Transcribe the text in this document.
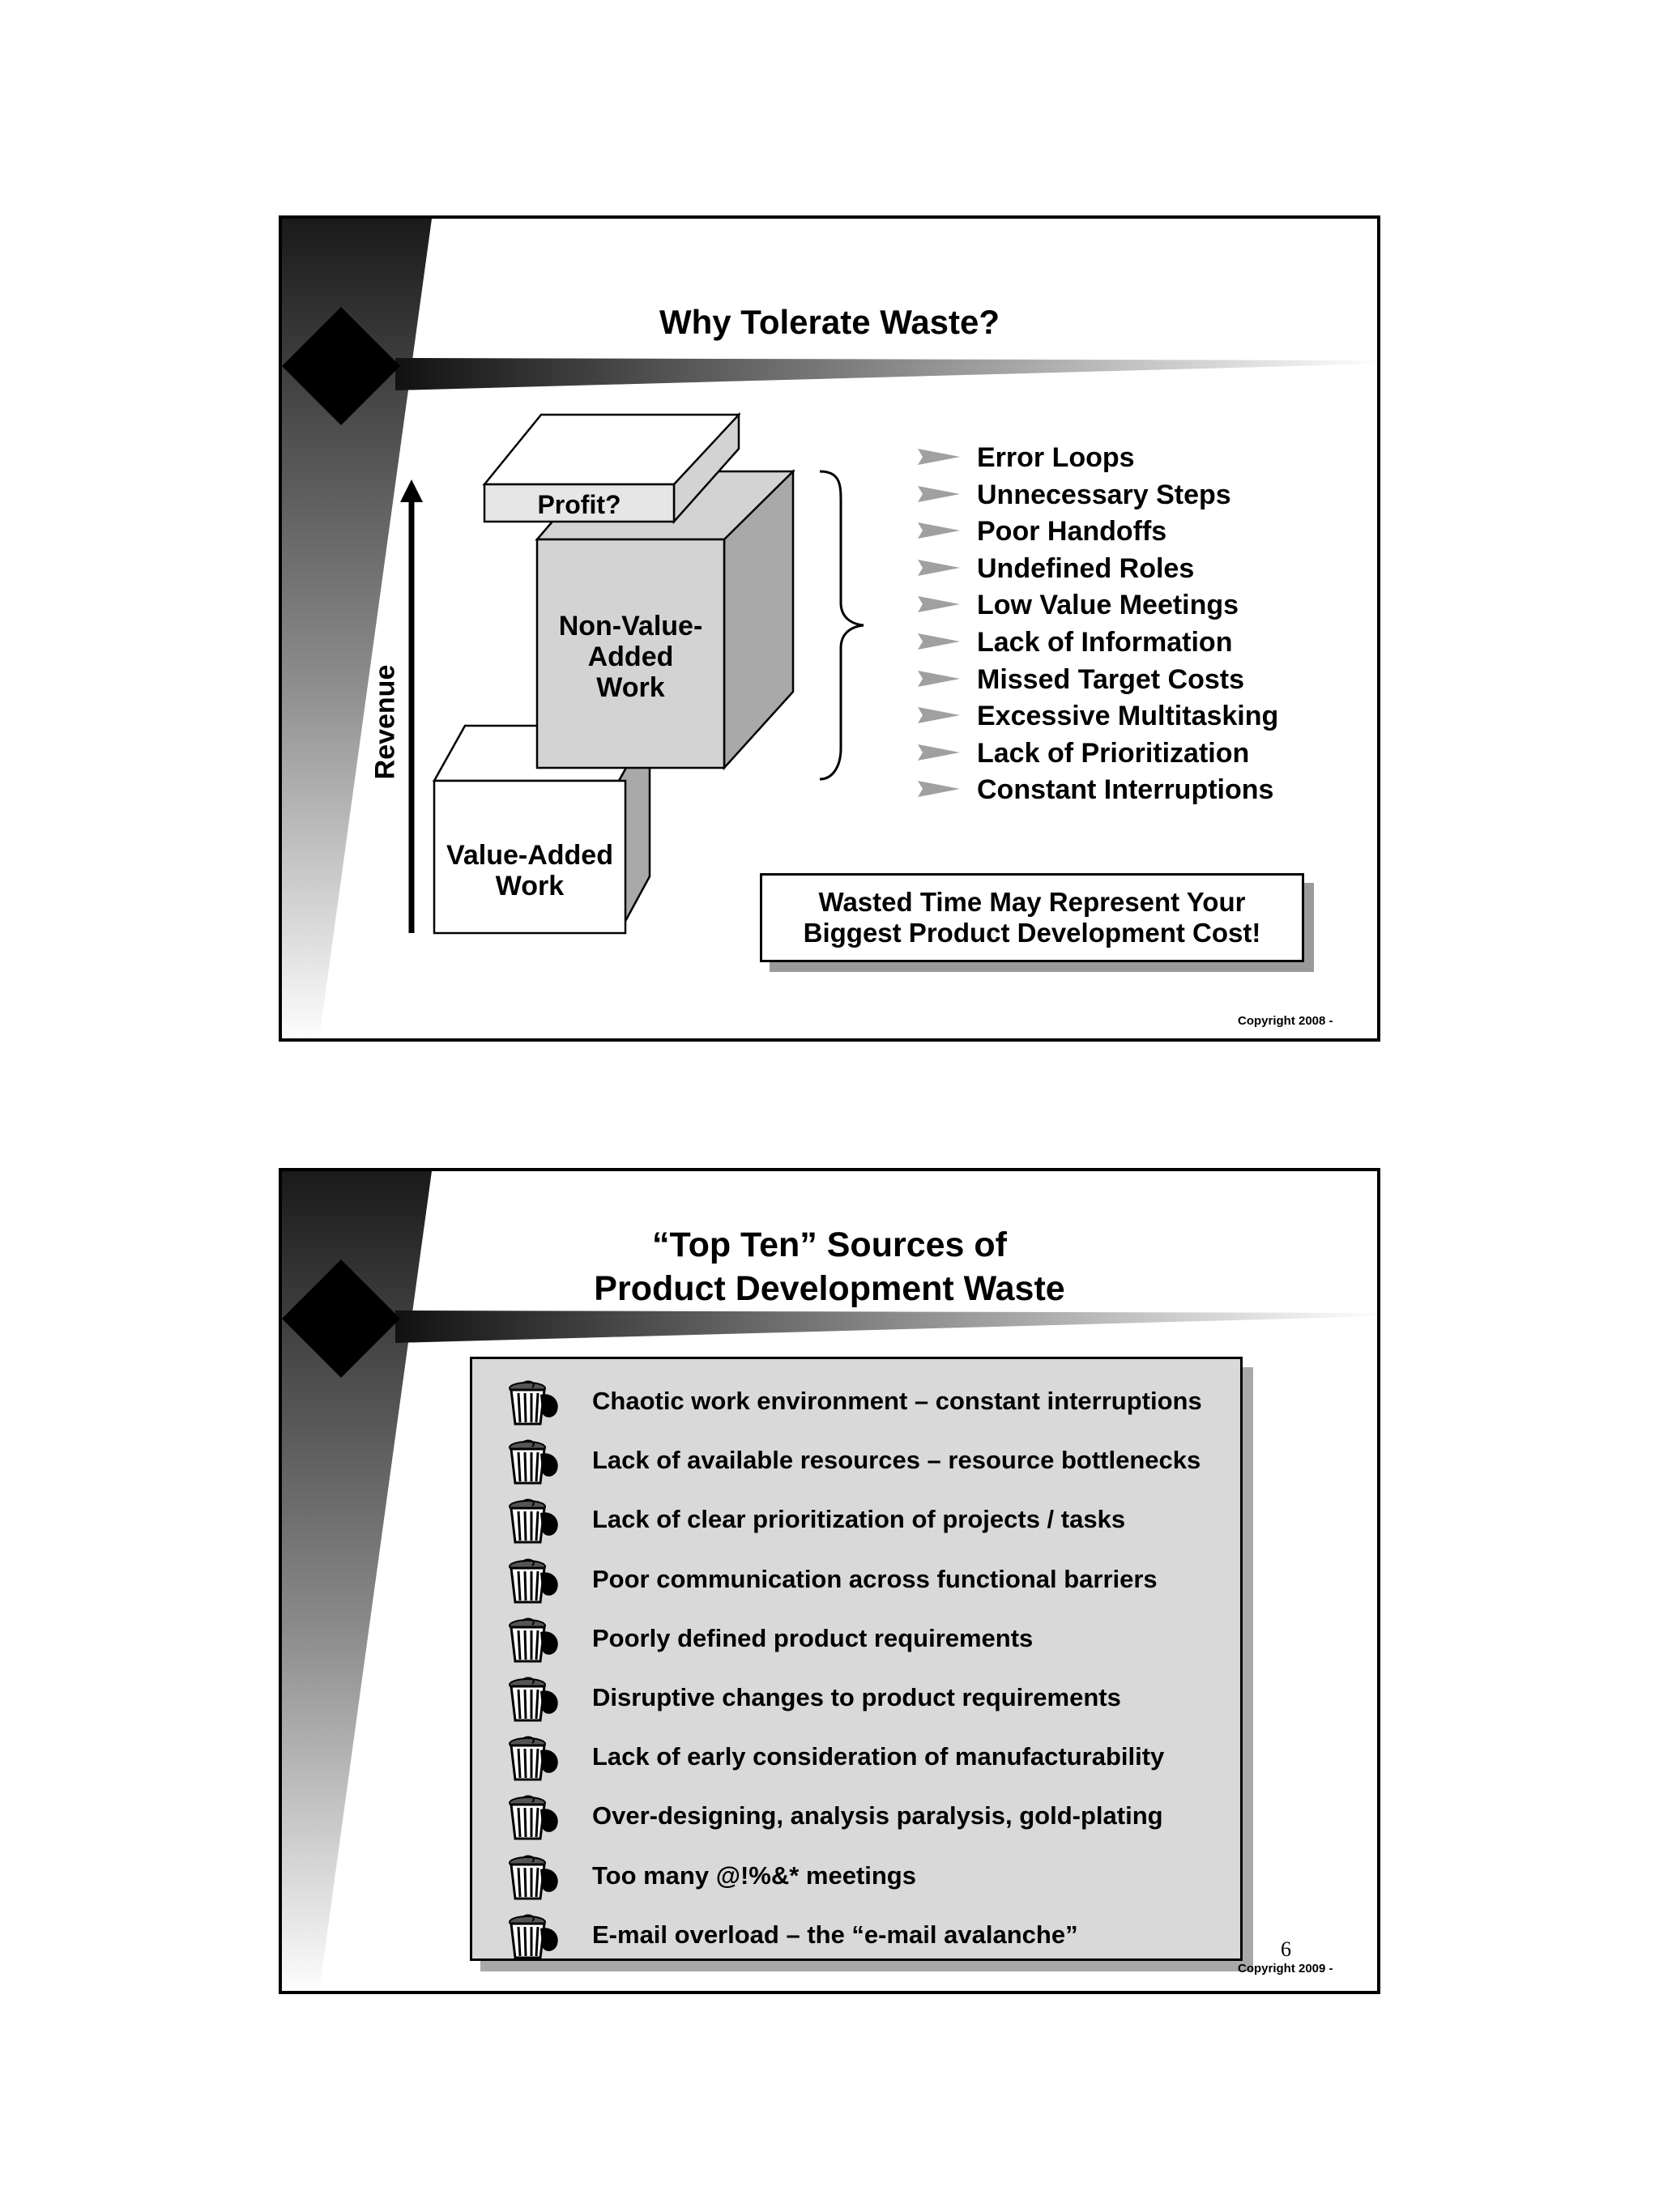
Why Tolerate Waste?
Revenue
Profit?
Non-Value-
Added
Work
Value-Added
Work
Error Loops
Unnecessary Steps
Poor Handoffs
Undefined Roles
Low Value Meetings
Lack of Information
Missed Target Costs
Excessive Multitasking
Lack of Prioritization
Constant Interruptions
Wasted Time May Represent Your
Biggest Product Development Cost!
Copyright 2008 -
“Top Ten” Sources of
Product Development Waste
Chaotic work environment – constant interruptions
Lack of available resources – resource bottlenecks
Lack of clear prioritization of projects / tasks
Poor communication across functional barriers
Poorly defined product requirements
Disruptive changes to product requirements
Lack of early consideration of manufacturability
Over-designing, analysis paralysis, gold-plating
Too many @!%&* meetings
E-mail overload – the “e-mail avalanche”
6
Copyright 2009 -
